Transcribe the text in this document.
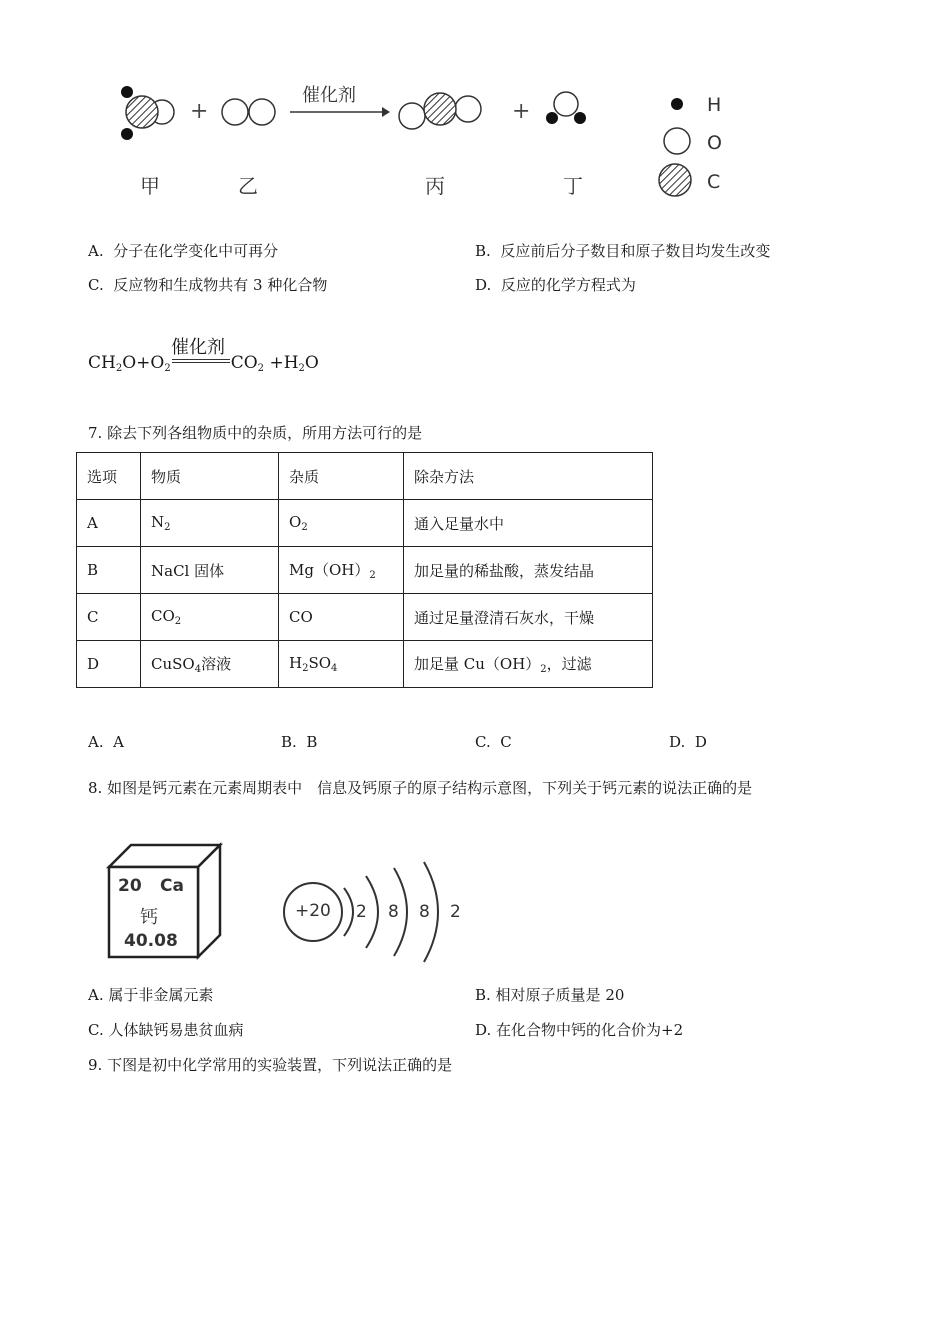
+	+
催化剂
甲	乙	丙	丁
H
O
C
A. 分子在化学变化中可再分	B. 反应前后分子数目和原子数目均发生改变
C. 反应物和生成物共有 3 种化合物	D. 反应的化学方程式为
催化剂
$CH_2O+O_2$	$CO_2 +H_2O$
7. 除去下列各组物质中的杂质，所用方法可行的是
选项	物质	杂质	除杂方法
A	$N_2$	$O_2$	通入足量水中
B	NaCl 固体	$Mg(OH)_2$	加足量的稀盐酸，蒸发结晶
C	$CO_2$	CO	通过足量澄清石灰水，干燥
D	CuSO$_4$溶液	$H_2SO_4$	加足量 $Cu(OH)_2$，过滤
A. A	B. B	C. C	D. D
8. 如图是钙元素在元素周期表中　信息及钙原子的原子结构示意图，下列关于钙元素的说法正确的是
20 Ca
钙
40.08
+20 2 8 8 2
A. 属于非金属元素	B. 相对原子质量是 20
C. 人体缺钙易患贫血病	D. 在化合物中钙的化合价为+2
9. 下图是初中化学常用的实验装置，下列说法正确的是
